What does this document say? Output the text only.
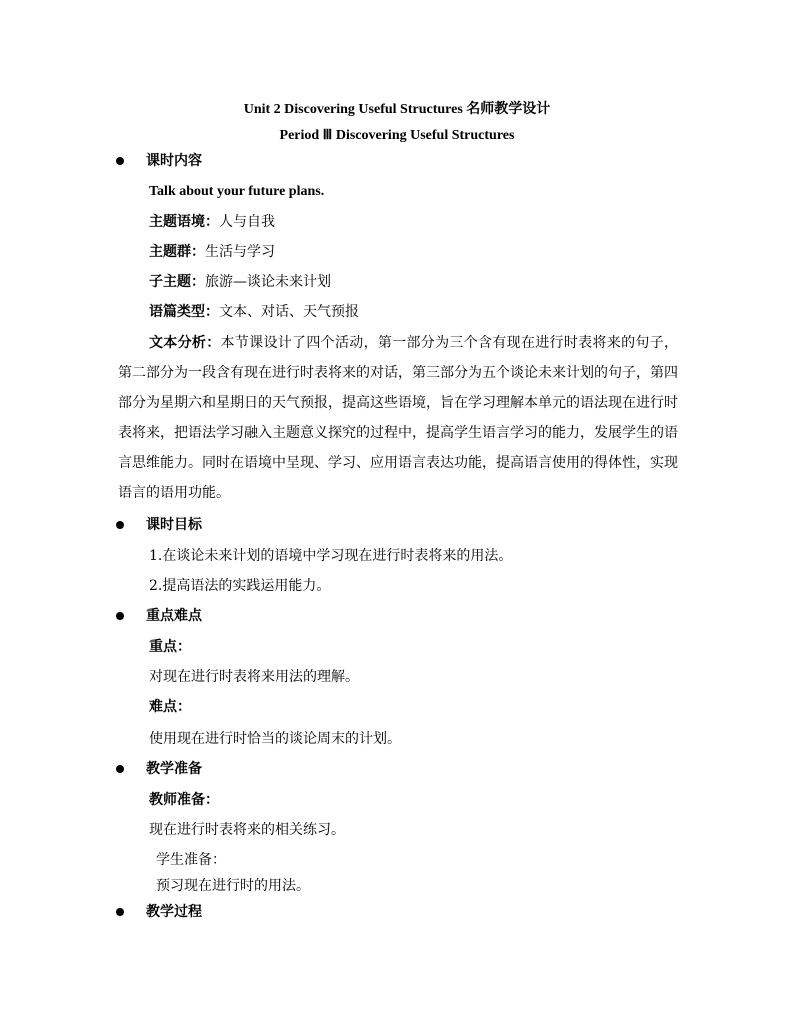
Unit 2 Discovering Useful Structures 名师教学设计
Period Ⅲ Discovering Useful Structures
课时内容
Talk about your future plans.
主题语境：人与自我
主题群：生活与学习
子主题：旅游—谈论未来计划
语篇类型：文本、对话、天气预报
文本分析：本节课设计了四个活动，第一部分为三个含有现在进行时表将来的句子，第二部分为一段含有现在进行时表将来的对话，第三部分为五个谈论未来计划的句子，第四部分为星期六和星期日的天气预报，提高这些语境，旨在学习理解本单元的语法现在进行时表将来，把语法学习融入主题意义探究的过程中，提高学生语言学习的能力，发展学生的语言思维能力。同时在语境中呈现、学习、应用语言表达功能，提高语言使用的得体性，实现语言的语用功能。
课时目标
1.在谈论未来计划的语境中学习现在进行时表将来的用法。
2.提高语法的实践运用能力。
重点难点
重点：
对现在进行时表将来用法的理解。
难点：
使用现在进行时恰当的谈论周末的计划。
教学准备
教师准备：
现在进行时表将来的相关练习。
学生准备：
预习现在进行时的用法。
教学过程
